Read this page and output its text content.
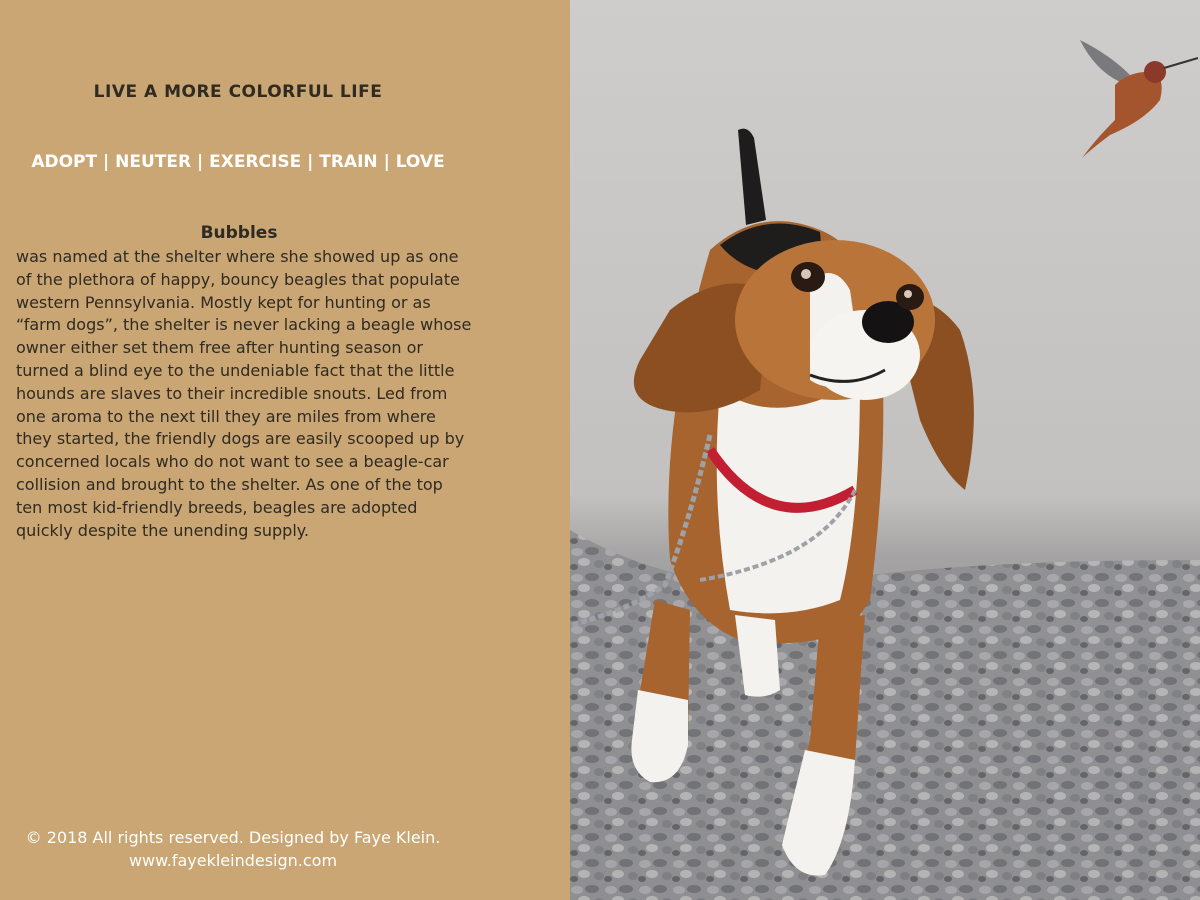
LIVE A MORE COLORFUL LIFE
ADOPT | NEUTER | EXERCISE | TRAIN | LOVE
Bubbles

was named at the shelter where she showed up as one of the plethora of happy, bouncy beagles that populate western Pennsylvania. Mostly kept for hunting or as “farm dogs”, the shelter is never lacking a beagle whose owner either set them free after hunting season or turned a blind eye to the undeniable fact that the little hounds are slaves to their incredible snouts. Led from one aroma to the next till they are miles from where they started, the friendly dogs are easily scooped up by concerned locals who do not want to see a beagle-car collision and brought to the shelter. As one of the top ten most kid-friendly breeds, beagles are adopted quickly despite the unending supply.

© 2018 All rights reserved. Designed by Faye Klein.
www.fayekleindesign.com
